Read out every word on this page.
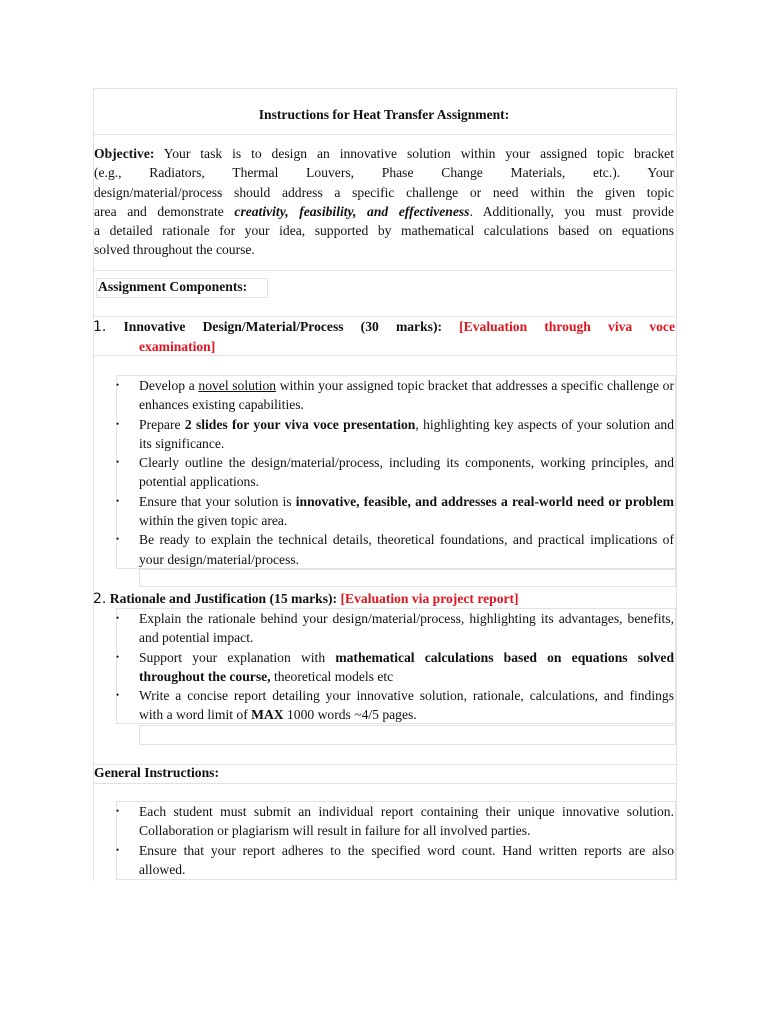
Instructions for Heat Transfer Assignment:
Objective: Your task is to design an innovative solution within your assigned topic bracket
(e.g., Radiators, Thermal Louvers, Phase Change Materials, etc.). Your
design/material/process should address a specific challenge or need within the given topic
area and demonstrate creativity, feasibility, and effectiveness. Additionally, you must provide
a detailed rationale for your idea, supported by mathematical calculations based on equations
solved throughout the course.
Assignment Components:
1. Innovative Design/Material/Process (30 marks): [Evaluation through viva voce
examination]
• Develop a novel solution within your assigned topic bracket that addresses a specific challenge or enhances existing capabilities.
• Prepare 2 slides for your viva voce presentation, highlighting key aspects of your solution and its significance.
• Clearly outline the design/material/process, including its components, working principles, and potential applications.
• Ensure that your solution is innovative, feasible, and addresses a real-world need or problem within the given topic area.
• Be ready to explain the technical details, theoretical foundations, and practical implications of your design/material/process.
2. Rationale and Justification (15 marks): [Evaluation via project report]
• Explain the rationale behind your design/material/process, highlighting its advantages, benefits, and potential impact.
• Support your explanation with mathematical calculations based on equations solved throughout the course, theoretical models etc
• Write a concise report detailing your innovative solution, rationale, calculations, and findings with a word limit of MAX 1000 words ~4/5 pages.
General Instructions:
• Each student must submit an individual report containing their unique innovative solution. Collaboration or plagiarism will result in failure for all involved parties.
• Ensure that your report adheres to the specified word count. Hand written reports are also allowed.
